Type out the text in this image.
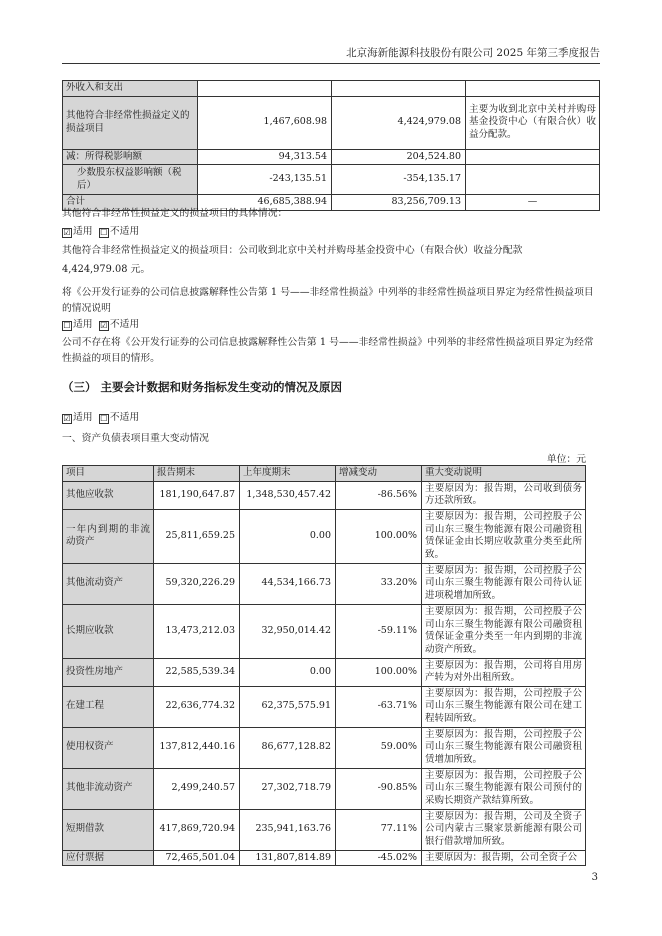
北京海新能源科技股份有限公司 2025 年第三季度报告
外收入和支出			
其他符合非经常性损益定义的损益项目	1,467,608.98	4,424,979.08	主要为收到北京中关村并购母基金投资中心（有限合伙）收益分配款。
减：所得税影响额	94,313.54	204,524.80	
少数股东权益影响额（税后）	-243,135.51	-354,135.17	
合计	46,685,388.94	83,256,709.13	—
其他符合非经常性损益定义的损益项目的具体情况：
☑ 适用 ☐ 不适用
其他符合非经常性损益定义的损益项目：公司收到北京中关村并购母基金投资中心（有限合伙）收益分配款
4,424,979.08 元。
将《公开发行证券的公司信息披露解释性公告第 1 号——非经常性损益》中列举的非经常性损益项目界定为经常性损益项目的情况说明
☐ 适用 ☑ 不适用
公司不存在将《公开发行证券的公司信息披露解释性公告第 1 号——非经常性损益》中列举的非经常性损益项目界定为经常性损益的项目的情形。
（三） 主要会计数据和财务指标发生变动的情况及原因
☑ 适用 ☐ 不适用
一、资产负债表项目重大变动情况
单位：元
项目	报告期末	上年度期末	增减变动	重大变动说明
其他应收款	181,190,647.87	1,348,530,457.42	-86.56%	主要原因为：报告期，公司收到债务方还款所致。
一年内到期的非流动资产	25,811,659.25	0.00	100.00%	主要原因为：报告期，公司控股子公司山东三聚生物能源有限公司融资租赁保证金由长期应收款重分类至此所致。
其他流动资产	59,320,226.29	44,534,166.73	33.20%	主要原因为：报告期，公司控股子公司山东三聚生物能源有限公司待认证进项税增加所致。
长期应收款	13,473,212.03	32,950,014.42	-59.11%	主要原因为：报告期，公司控股子公司山东三聚生物能源有限公司融资租赁保证金重分类至一年内到期的非流动资产所致。
投资性房地产	22,585,539.34	0.00	100.00%	主要原因为：报告期，公司将自用房产转为对外出租所致。
在建工程	22,636,774.32	62,375,575.91	-63.71%	主要原因为：报告期，公司控股子公司山东三聚生物能源有限公司在建工程转固所致。
使用权资产	137,812,440.16	86,677,128.82	59.00%	主要原因为：报告期，公司控股子公司山东三聚生物能源有限公司融资租赁增加所致。
其他非流动资产	2,499,240.57	27,302,718.79	-90.85%	主要原因为：报告期，公司控股子公司山东三聚生物能源有限公司预付的采购长期资产款结算所致。
短期借款	417,869,720.94	235,941,163.76	77.11%	主要原因为：报告期，公司及全资子公司内蒙古三聚家景新能源有限公司银行借款增加所致。
应付票据	72,465,501.04	131,807,814.89	-45.02%	主要原因为：报告期，公司全资子公
3
